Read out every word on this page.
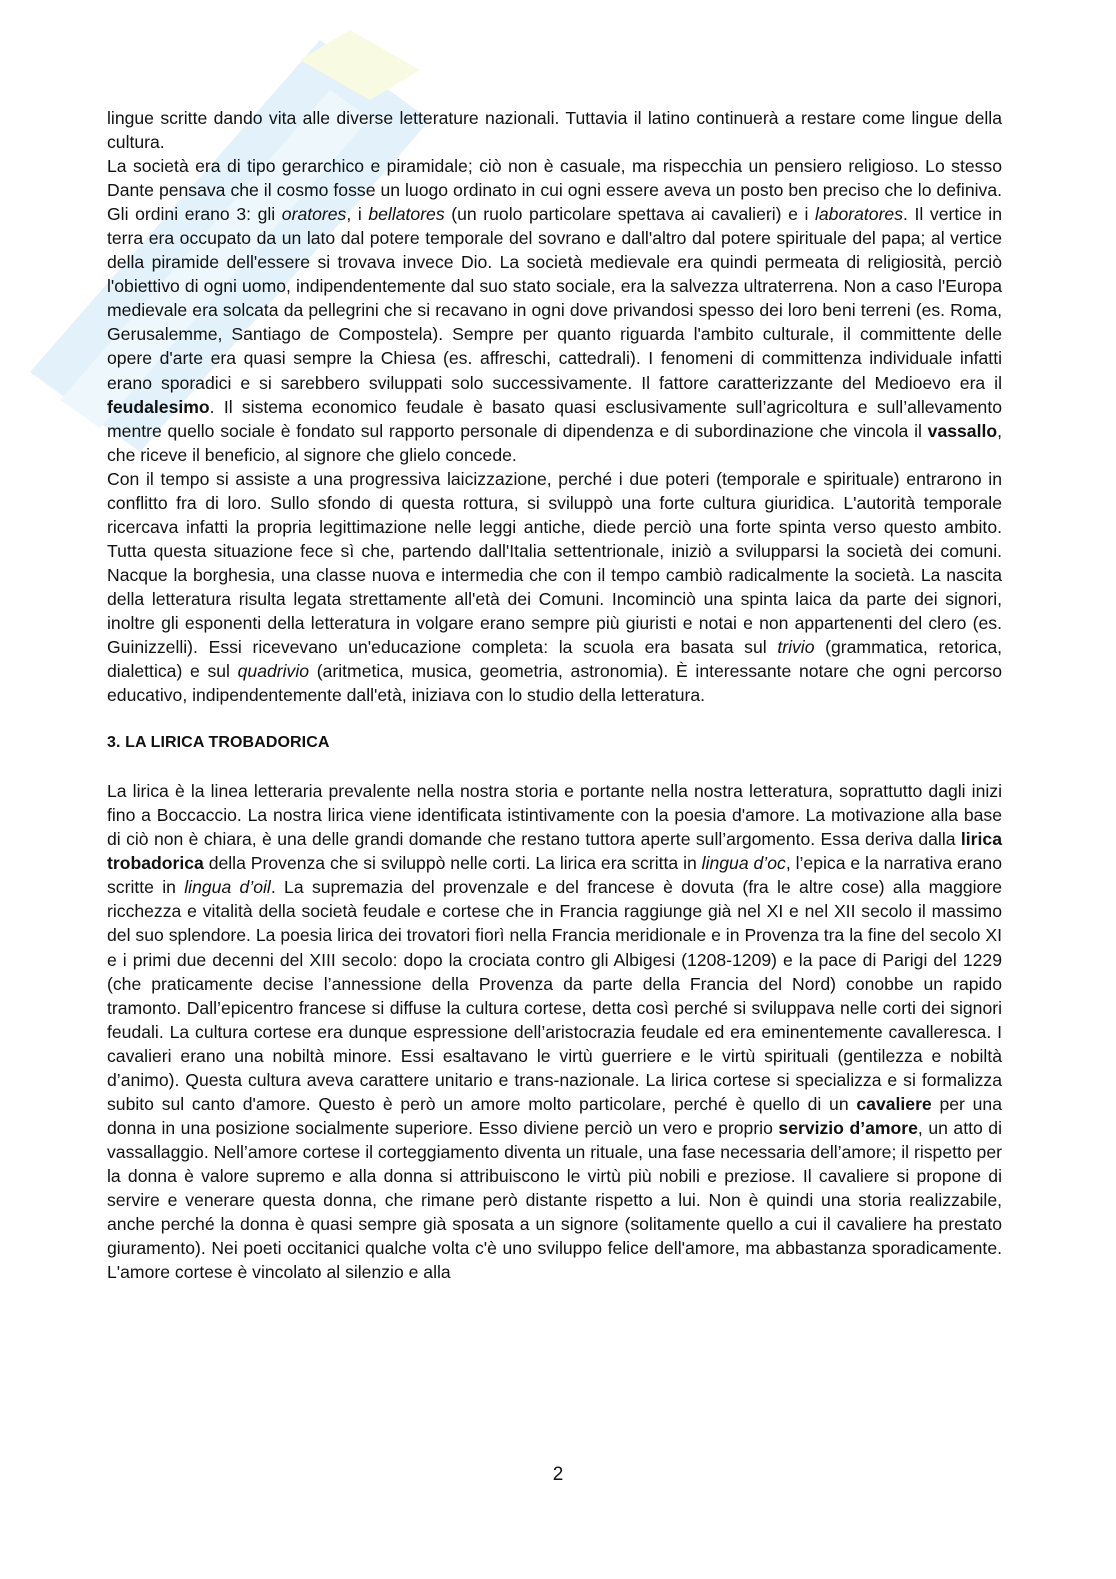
lingue scritte dando vita alle diverse letterature nazionali. Tuttavia il latino continuerà a restare come lingue della cultura.

La società era di tipo gerarchico e piramidale; ciò non è casuale, ma rispecchia un pensiero religioso. Lo stesso Dante pensava che il cosmo fosse un luogo ordinato in cui ogni essere aveva un posto ben preciso che lo definiva. Gli ordini erano 3: gli oratores, i bellatores (un ruolo particolare spettava ai cavalieri) e i laboratores. Il vertice in terra era occupato da un lato dal potere temporale del sovrano e dall'altro dal potere spirituale del papa; al vertice della piramide dell'essere si trovava invece Dio. La società medievale era quindi permeata di religiosità, perciò l'obiettivo di ogni uomo, indipendentemente dal suo stato sociale, era la salvezza ultraterrena. Non a caso l'Europa medievale era solcata da pellegrini che si recavano in ogni dove privandosi spesso dei loro beni terreni (es. Roma, Gerusalemme, Santiago de Compostela). Sempre per quanto riguarda l'ambito culturale, il committente delle opere d'arte era quasi sempre la Chiesa (es. affreschi, cattedrali). I fenomeni di committenza individuale infatti erano sporadici e si sarebbero sviluppati solo successivamente. Il fattore caratterizzante del Medioevo era il feudalesimo. Il sistema economico feudale è basato quasi esclusivamente sull’agricoltura e sull’allevamento mentre quello sociale è fondato sul rapporto personale di dipendenza e di subordinazione che vincola il vassallo, che riceve il beneficio, al signore che glielo concede.

Con il tempo si assiste a una progressiva laicizzazione, perché i due poteri (temporale e spirituale) entrarono in conflitto fra di loro. Sullo sfondo di questa rottura, si sviluppò una forte cultura giuridica. L'autorità temporale ricercava infatti la propria legittimazione nelle leggi antiche, diede perciò una forte spinta verso questo ambito. Tutta questa situazione fece sì che, partendo dall'Italia settentrionale, iniziò a svilupparsi la società dei comuni. Nacque la borghesia, una classe nuova e intermedia che con il tempo cambiò radicalmente la società. La nascita della letteratura risulta legata strettamente all'età dei Comuni. Incominciò una spinta laica da parte dei signori, inoltre gli esponenti della letteratura in volgare erano sempre più giuristi e notai e non appartenenti del clero (es. Guinizzelli). Essi ricevevano un'educazione completa: la scuola era basata sul trivio (grammatica, retorica, dialettica) e sul quadrivio (aritmetica, musica, geometria, astronomia). È interessante notare che ogni percorso educativo, indipendentemente dall'età, iniziava con lo studio della letteratura.

3. LA LIRICA TROBADORICA

La lirica è la linea letteraria prevalente nella nostra storia e portante nella nostra letteratura, soprattutto dagli inizi fino a Boccaccio. La nostra lirica viene identificata istintivamente con la poesia d'amore. La motivazione alla base di ciò non è chiara, è una delle grandi domande che restano tuttora aperte sull’argomento. Essa deriva dalla lirica trobadorica della Provenza che si sviluppò nelle corti. La lirica era scritta in lingua d’oc, l’epica e la narrativa erano scritte in lingua d’oil. La supremazia del provenzale e del francese è dovuta (fra le altre cose) alla maggiore ricchezza e vitalità della società feudale e cortese che in Francia raggiunge già nel XI e nel XII secolo il massimo del suo splendore. La poesia lirica dei trovatori fiorì nella Francia meridionale e in Provenza tra la fine del secolo XI e i primi due decenni del XIII secolo: dopo la crociata contro gli Albigesi (1208-1209) e la pace di Parigi del 1229 (che praticamente decise l’annessione della Provenza da parte della Francia del Nord) conobbe un rapido tramonto. Dall’epicentro francese si diffuse la cultura cortese, detta così perché si sviluppava nelle corti dei signori feudali. La cultura cortese era dunque espressione dell’aristocrazia feudale ed era eminentemente cavalleresca. I cavalieri erano una nobiltà minore. Essi esaltavano le virtù guerriere e le virtù spirituali (gentilezza e nobiltà d’animo). Questa cultura aveva carattere unitario e trans-nazionale. La lirica cortese si specializza e si formalizza subito sul canto d'amore. Questo è però un amore molto particolare, perché è quello di un cavaliere per una donna in una posizione socialmente superiore. Esso diviene perciò un vero e proprio servizio d’amore, un atto di vassallaggio. Nell’amore cortese il corteggiamento diventa un rituale, una fase necessaria dell’amore; il rispetto per la donna è valore supremo e alla donna si attribuiscono le virtù più nobili e preziose. Il cavaliere si propone di servire e venerare questa donna, che rimane però distante rispetto a lui. Non è quindi una storia realizzabile, anche perché la donna è quasi sempre già sposata a un signore (solitamente quello a cui il cavaliere ha prestato giuramento). Nei poeti occitanici qualche volta c'è uno sviluppo felice dell'amore, ma abbastanza sporadicamente. L'amore cortese è vincolato al silenzio e alla

2
